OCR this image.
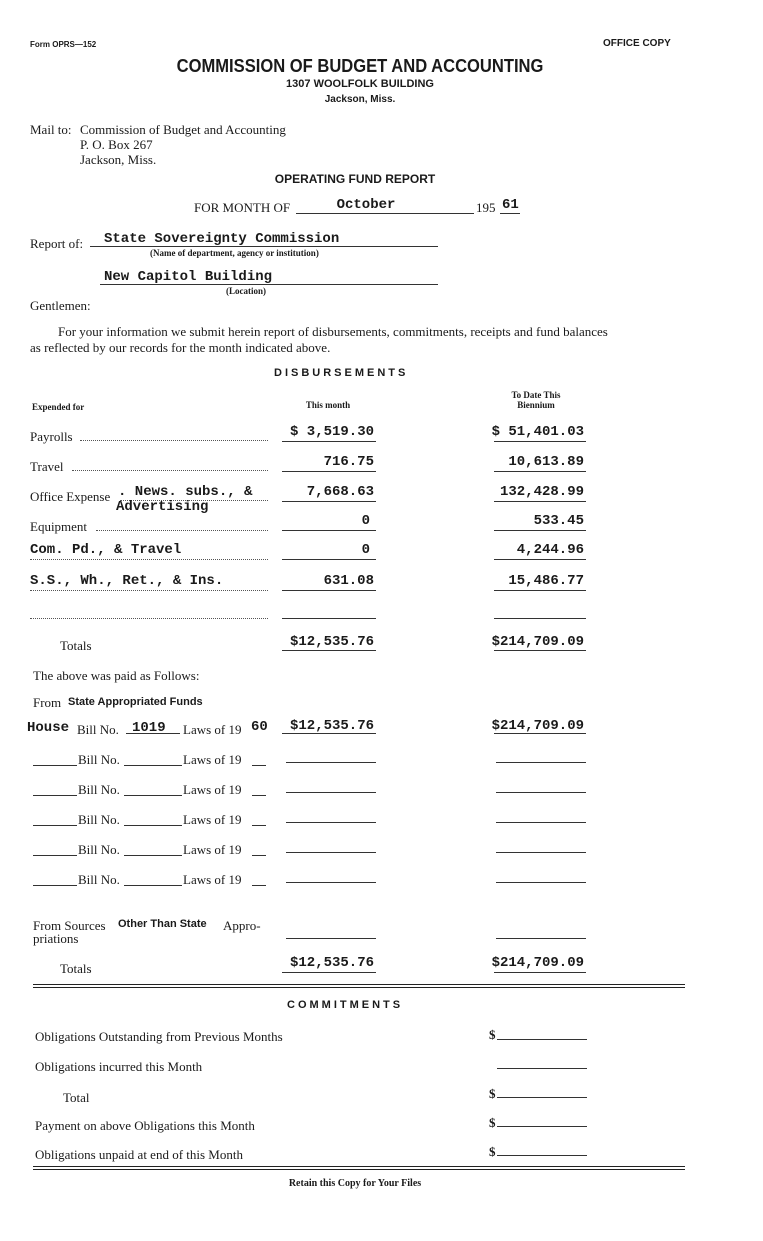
Form OPRS—152	OFFICE COPY
COMMISSION OF BUDGET AND ACCOUNTING
1307 WOOLFOLK BUILDING
Jackson, Miss.
Mail to: Commission of Budget and Accounting
P. O. Box 267
Jackson, Miss.
OPERATING FUND REPORT
FOR MONTH OF	October	195 61
Report of: State Sovereignty Commission
(Name of department, agency or institution)
New Capitol Building
(Location)
Gentlemen:
For your information we submit herein report of disbursements, commitments, receipts and fund balances
as reflected by our records for the month indicated above.
DISBURSEMENTS
Expended for	This month
To Date This
Biennium
Payrolls	$ 3,519.30	$ 51,401.03
Travel	716.75	10,613.89
Office Expense . News. subs., &
Advertising
7,668.63	132,428.99
Equipment	0	533.45
Com. Pd., & Travel	0	4,244.96
S.S., Wh., Ret., & Ins.	631.08	15,486.77
Totals	$12,535.76	$214,709.09
The above was paid as Follows:
From State Appropriated Funds
House Bill No. 1019 Laws of 19 60	$12,535.76	$214,709.09
Bill No.	Laws of 19
Bill No.	Laws of 19
Bill No.	Laws of 19
Bill No.	Laws of 19
Bill No.	Laws of 19
From Sources Other Than State Appro-
priations
Totals	$12,535.76	$214,709.09
COMMITMENTS
Obligations Outstanding from Previous Months	$
Obligations incurred this Month
Total	$
Payment on above Obligations this Month	$
Obligations unpaid at end of this Month	$
Retain this Copy for Your Files
